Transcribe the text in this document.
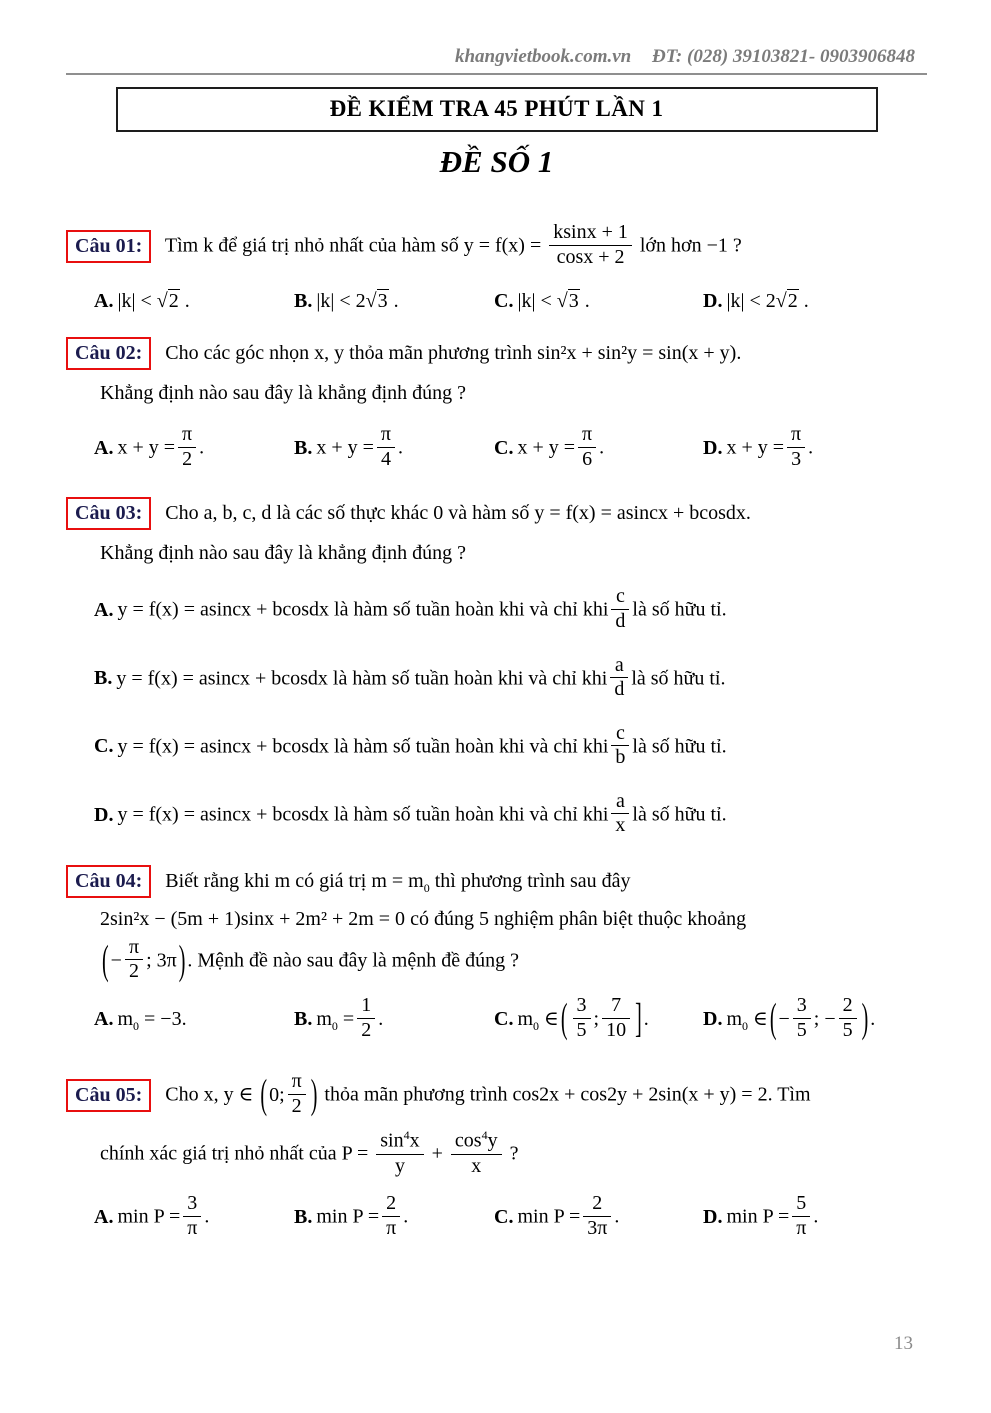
khangvietbook.com.vn ĐT: (028) 39103821- 0903906848
ĐỀ KIỂM TRA 45 PHÚT LẦN 1
ĐỀ SỐ 1
Câu 01: Tìm k để giá trị nhỏ nhất của hàm số $y = f(x) = \frac{ksinx + 1}{\cos x + 2}$ lớn hơn −1 ?
A. |k| < √2 .	B. |k| < 2√3 .	C. |k| < √3 .	D. |k| < 2√2 .
Câu 02: Cho các góc nhọn x, y thỏa mãn phương trình sin²x + sin²y = sin(x + y).
Khẳng định nào sau đây là khẳng định đúng ?
A. $x + y = \frac{\pi}{2}$ .	B. $x + y = \frac{\pi}{4}$ .	C. $x + y = \frac{\pi}{6}$ .	D. $x + y = \frac{\pi}{3}$ .
Câu 03: Cho a, b, c, d là các số thực khác 0 và hàm số y = f(x) = asincx + bcosdx.
Khẳng định nào sau đây là khẳng định đúng ?
A. y = f(x) = asincx + bcosdx là hàm số tuần hoàn khi và chỉ khi $\frac{c}{d}$ là số hữu tỉ.
B. y = f(x) = asincx + bcosdx là hàm số tuần hoàn khi và chỉ khi $\frac{a}{d}$ là số hữu tỉ.
C. y = f(x) = asincx + bcosdx là hàm số tuần hoàn khi và chỉ khi $\frac{c}{b}$ là số hữu tỉ.
D. y = f(x) = asincx + bcosdx là hàm số tuần hoàn khi và chỉ khi $\frac{a}{x}$ là số hữu tỉ.
Câu 04: Biết rằng khi m có giá trị $m = m_0$ thì phương trình sau đây
2sin²x − (5m + 1)sinx + 2m² + 2m = 0 có đúng 5 nghiệm phân biệt thuộc khoảng
( − $\frac{\pi}{2}$ ; 3π ) . Mệnh đề nào sau đây là mệnh đề đúng ?
A. $m_0 = -3$.	B. $m_0 = \frac{1}{2}$ .	C. $m_0$ ∈ ( $\frac{3}{5}$ ; $\frac{7}{10}$ ] .	D. $m_0$ ∈ ( − $\frac{3}{5}$ ; − $\frac{2}{5}$ ) .
Câu 05: Cho x, y ∈ ( 0; $\frac{\pi}{2}$ ) thỏa mãn phương trình cos2x + cos2y + 2sin(x + y) = 2. Tìm
chính xác giá trị nhỏ nhất của $P = \frac{\sin^4x}{y} + \frac{\cos^4y}{x}$ ?
A. $\min P = \frac{3}{\pi}$ .	B. $\min P = \frac{2}{\pi}$ .	C. $\min P = \frac{2}{3\pi}$ .	D. $\min P = \frac{5}{\pi}$ .
13
